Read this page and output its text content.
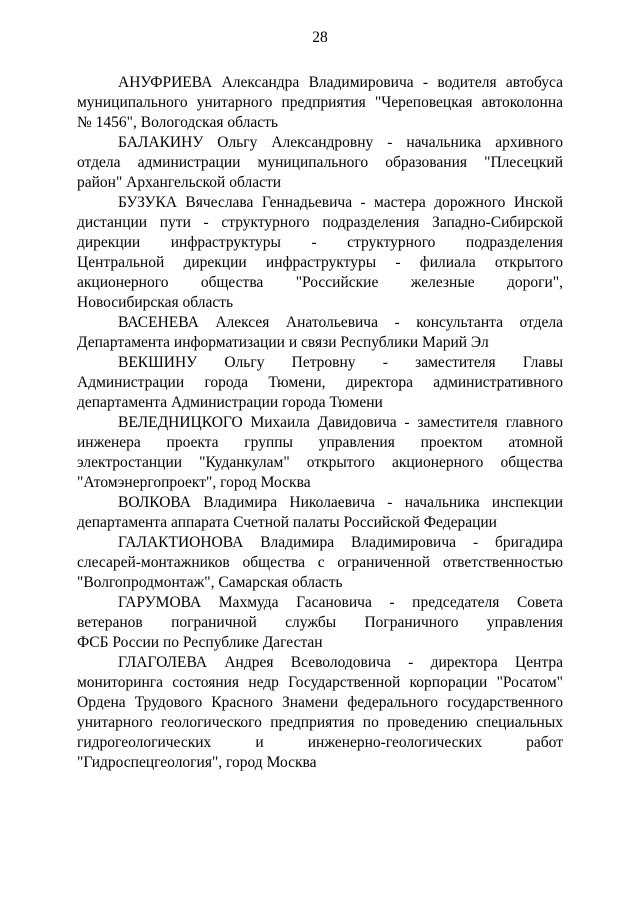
28
АНУФРИЕВА Александра Владимировича - водителя автобуса
муниципального унитарного предприятия "Череповецкая автоколонна
№ 1456", Вологодская область
БАЛАКИНУ Ольгу Александровну - начальника архивного
отдела администрации муниципального образования "Плесецкий
район" Архангельской области
БУЗУКА Вячеслава Геннадьевича - мастера дорожного Инской
дистанции пути - структурного подразделения Западно-Сибирской
дирекции инфраструктуры - структурного подразделения
Центральной дирекции инфраструктуры - филиала открытого
акционерного общества "Российские железные дороги",
Новосибирская область
ВАСЕНЕВА Алексея Анатольевича - консультанта отдела
Департамента информатизации и связи Республики Марий Эл
ВЕКШИНУ Ольгу Петровну - заместителя Главы
Администрации города Тюмени, директора административного
департамента Администрации города Тюмени
ВЕЛЕДНИЦКОГО Михаила Давидовича - заместителя главного
инженера проекта группы управления проектом атомной
электростанции "Куданкулам" открытого акционерного общества
"Атомэнергопроект", город Москва
ВОЛКОВА Владимира Николаевича - начальника инспекции
департамента аппарата Счетной палаты Российской Федерации
ГАЛАКТИОНОВА Владимира Владимировича - бригадира
слесарей-монтажников общества с ограниченной ответственностью
"Волгопродмонтаж", Самарская область
ГАРУМОВА Махмуда Гасановича - председателя Совета
ветеранов пограничной службы Пограничного управления
ФСБ России по Республике Дагестан
ГЛАГОЛЕВА Андрея Всеволодовича - директора Центра
мониторинга состояния недр Государственной корпорации "Росатом"
Ордена Трудового Красного Знамени федерального государственного
унитарного геологического предприятия по проведению специальных
гидрогеологических и инженерно-геологических работ
"Гидроспецгеология", город Москва
